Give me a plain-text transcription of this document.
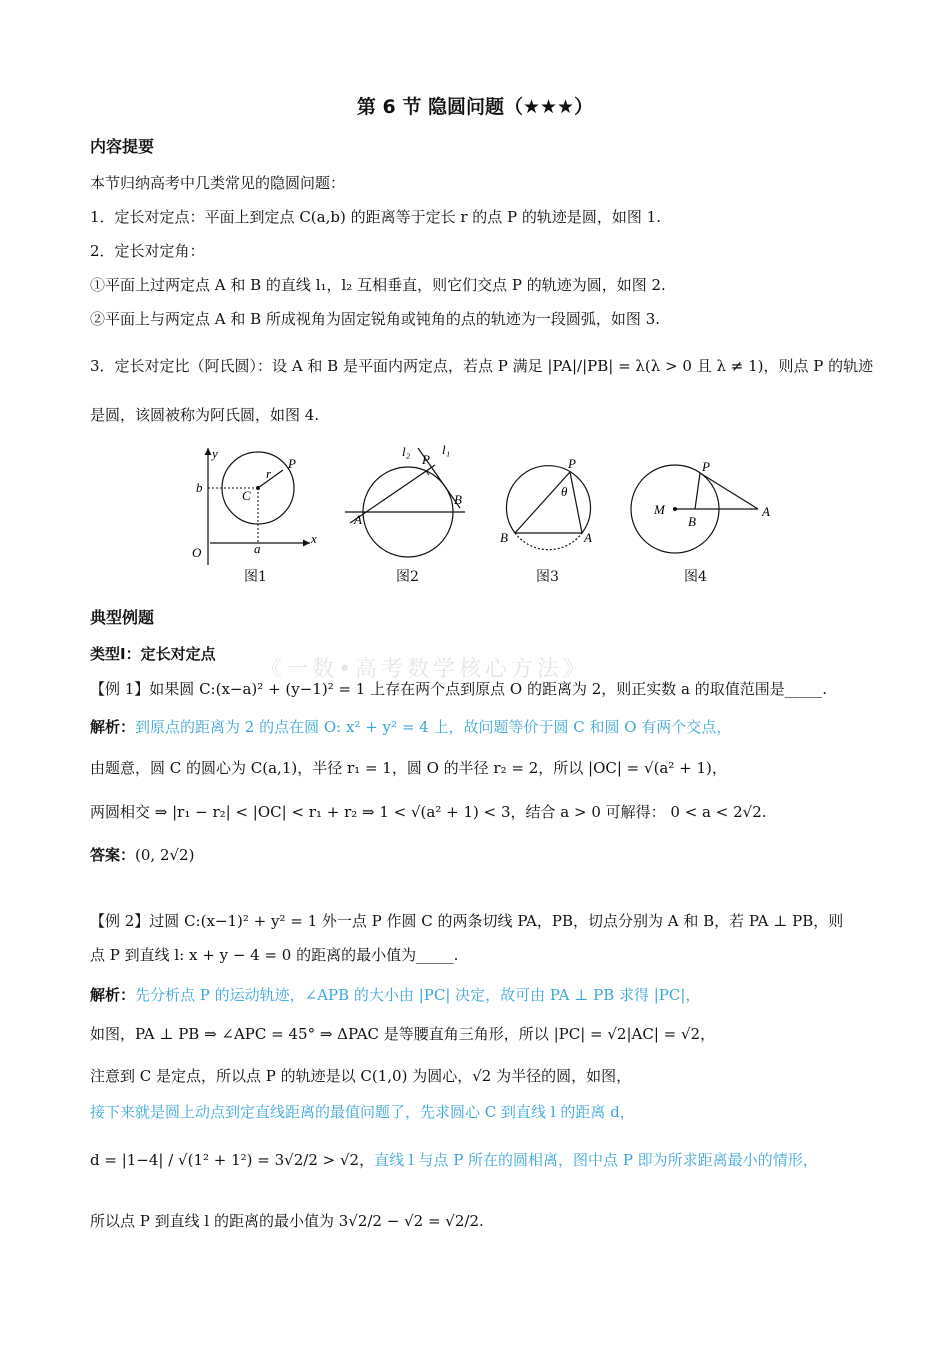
第 6 节 隐圆问题（★★★）
内容提要
本节归纳高考中几类常见的隐圆问题：
1．定长对定点：平面上到定点 C(a,b) 的距离等于定长 r 的点 P 的轨迹是圆，如图 1.
2．定长对定角：
①平面上过两定点 A 和 B 的直线 l₁，l₂ 互相垂直，则它们交点 P 的轨迹为圆，如图 2.
②平面上与两定点 A 和 B 所成视角为固定锐角或钝角的点的轨迹为一段圆弧，如图 3.
3．定长对定比（阿氏圆）：设 A 和 B 是平面内两定点，若点 P 满足 |PA|/|PB| = λ(λ > 0 且 λ ≠ 1)，则点 P 的轨迹
是圆，该圆被称为阿氏圆，如图 4.
y
x
O	a
b
C
r
P
l₂ l₁
P
A
B
P
θ
B	A
P
M
B
A
图1	图2	图3	图4
典型例题
类型Ⅰ：定长对定点
《一数•高考数学核心方法》
【例 1】如果圆 C:(x−a)² + (y−1)² = 1 上存在两个点到原点 O 的距离为 2，则正实数 a 的取值范围是_____.
解析：到原点的距离为 2 的点在圆 O: x² + y² = 4 上，故问题等价于圆 C 和圆 O 有两个交点，
由题意，圆 C 的圆心为 C(a,1)，半径 r₁ = 1，圆 O 的半径 r₂ = 2，所以 |OC| = √(a² + 1)，
两圆相交 ⇒ |r₁ − r₂| < |OC| < r₁ + r₂ ⇒ 1 < √(a² + 1) < 3，结合 a > 0 可解得： 0 < a < 2√2.
答案：(0, 2√2)
【例 2】过圆 C:(x−1)² + y² = 1 外一点 P 作圆 C 的两条切线 PA，PB，切点分别为 A 和 B，若 PA ⊥ PB，则
点 P 到直线 l: x + y − 4 = 0 的距离的最小值为_____.
解析：先分析点 P 的运动轨迹，∠APB 的大小由 |PC| 决定，故可由 PA ⊥ PB 求得 |PC|，
如图，PA ⊥ PB ⇒ ∠APC = 45° ⇒ ΔPAC 是等腰直角三角形，所以 |PC| = √2|AC| = √2，
注意到 C 是定点，所以点 P 的轨迹是以 C(1,0) 为圆心，√2 为半径的圆，如图，
接下来就是圆上动点到定直线距离的最值问题了，先求圆心 C 到直线 l 的距离 d，
d = |1−4| / √(1² + 1²) = 3√2/2 > √2，直线 l 与点 P 所在的圆相离，图中点 P 即为所求距离最小的情形，
所以点 P 到直线 l 的距离的最小值为 3√2/2 − √2 = √2/2.
